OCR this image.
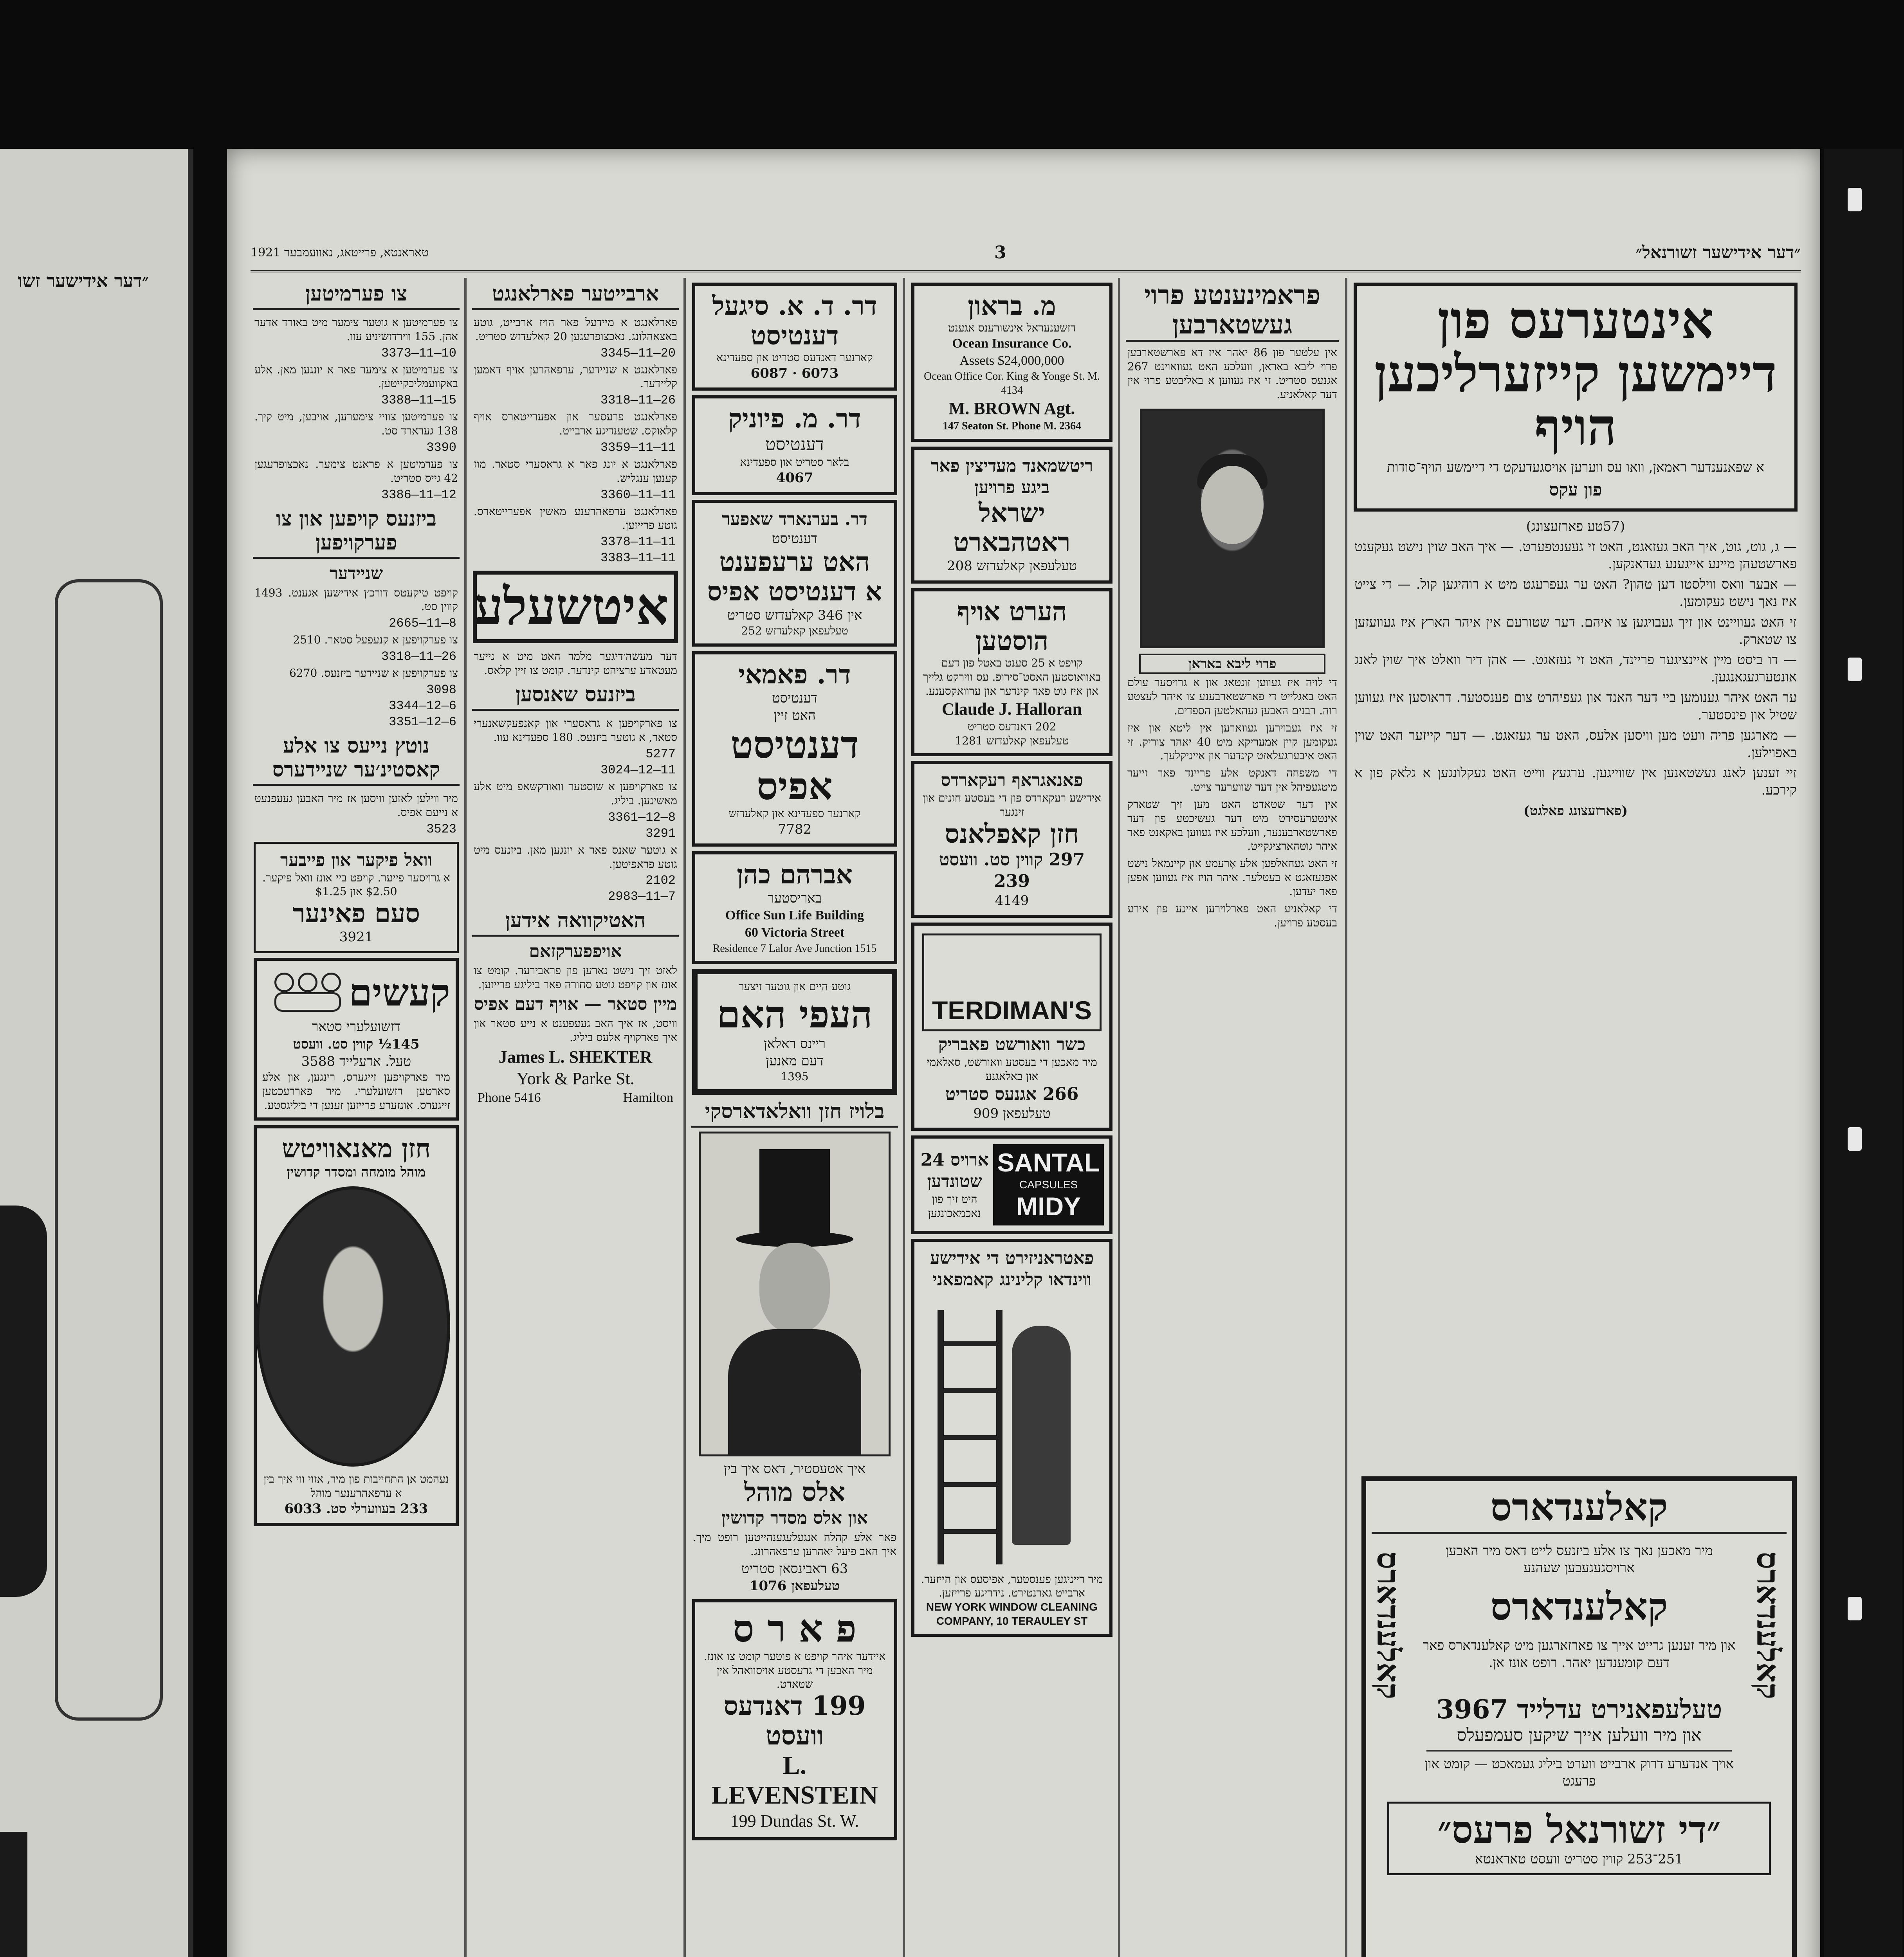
״דער אידישער זשו
״דער אידישער זשורנאל״
3
טאראנטא, פרייטאג, נאוועמבער 1921
אינטערעס פון דיימשען קייזערליכען הויף
א שפאנענדער ראמאן, וואו עס ווערען אויסגעדעקט די דיימשע הויף־סודות
פון עקס
(57טע פארזעצונג)
— ג, גוט, גוט, איך האב געזאגט, האט זי געענטפערט. — איך האב שוין נישט געקענט פארשטעהן מיינע אייגענע געדאנקען.
— אבער וואס ווילסטו דען טהון? האט ער געפרעגט מיט א רוהיגען קול. — די צייט איז נאך נישט געקומען.
זי האט געוויינט און זיך געבויגען צו איהם. דער שטורעם אין איהר הארץ איז געוועזען צו שטארק.
— דו ביסט מיין איינציגער פריינד, האט זי געזאגט. — אהן דיר וואלט איך שוין לאנג אונטערגעגאנגען.
ער האט איהר גענומען ביי דער האנד און געפיהרט צום פענסטער. דראוסען איז געווען שטיל און פינסטער.
— מארגען פריה וועט מען וויסען אלעס, האט ער געזאגט. — דער קייזער האט שוין באפוילען.
זיי זענען לאנג געשטאנען אין שווייגען. ערגעץ ווייט האט געקלונגען א גלאק פון א קירכע.
(פארזעצונג פאלגט)
קאלענדארס
קאלענדארס
קאלענדארס
מיר מאכען נאך צו אלע ביזנעס לייט דאס מיר האבען ארויסגעגעבען שעהנע
קאלענדארס
און מיר זענען גרייט אייך צו פארזארגען מיט קאלענדארס פאר דעם קומענדען יאהר. רופט אונז אן.
טעלעפאנירט עדלייד 3967
און מיר וועלען אייך שיקען סעמפעלס
אויך אנדערע דרוק ארבייט ווערט ביליג געמאכט — קומט און פרעגט
״די זשורנאל פרעס״
251־253 קווין סטריט וועסט טאראנטא
פראמינענטע פרוי געשטארבען
אין עלטער פון 86 יאהר איז דא פארשטארבען פרוי ליבא באראן, וועלכע האט געוואוינט 267 אגנעס סטריט. זי איז געווען א באליבטע פרוי אין דער קאלאניע.
פרוי ליבא באראן
די לויה איז געווען זונטאג און א גרויסער עולם האט באגלייט די פארשטארבענע צו איהר לעצטע רוה. רבנים האבען געהאלטען הספדים.
זי איז געבוירען געווארען אין ליטא און איז געקומען קיין אמעריקא מיט 40 יאהר צוריק. זי האט איבערגעלאזט קינדער און אייניקלעך.
די משפחה דאנקט אלע פריינד פאר זייער מיטגעפיהל אין דער שווערער צייט.
אין דער שטאדט האט מען זיך שטארק אינטערעסירט מיט דער געשיכטע פון דער פארשטארבענער, וועלכע איז געווען באקאנט פאר איהר גוטהארציגקייט.
זי האט געהאלפען אלע אָרעמע און קיינמאל נישט אפגעזאגט א בעטלער. איהר הויז איז געווען אפען פאר יעדען.
די קאלאניע האט פארלוירען איינע פון אירע בעסטע פרויען.
מ. בראון
דזשענעראל אינשורענס אגענט
Ocean Insurance Co.
Assets $24,000,000
Ocean Office Cor. King & Yonge St. M. 4134
M. BROWN Agt.
147 Seaton St. Phone M. 2364
ריטשמאנד מעדיצין פאר ביגע פרויען
ישראל ראטהבארט
טעלעפאן קאלעדזש 208
הערט אויף הוסטען
קויפט א 25 סענט באטל פון דעם באוואוסטען האסט־סירופ. עס ווירקט גלייך און איז גוט פאר קינדער און ערוואקסענע.
Claude J. Halloran
202 דאנדעס סטריט
טעלעפאן קאלעדזש 1281
פאנאגראף רעקארדס
אידישע רעקארדס פון די בעסטע חזנים און זינגער
חזן קאפלאנס
297 קווין סט. וועסט 239
4149
TERDIMAN'S
כשר וואורשט פאבריק
מיר מאכען די בעסטע וואורשט, סאלאמי און באלאגנע
266 אגנעס סטריט
טעלעפאן 909
SANTAL
CAPSULES
MIDY
ארויס 24 שטונדען
היט זיך פון נאכמאכונגען
פאטראניזירט די אידישע ווינדאו קלינינג קאמפאני
מיר רייניגען פענסטער, אפיסעס און הייזער. ארבייט גארנטירט. נידריגע פרייזען.
NEW YORK WINDOW CLEANING COMPANY, 10 TERAULEY ST
דר. ד. א. סיגעל
דענטיסט
קארנער דאנדעס סטריט און ספעדינא
6073 · 6087
דר. מ. פיוניק
דענטיסט
בלאר סטריט און ספעדינא
4067
דר. בערנארד שאפער
דענטיסט
האט ערעפענט
א דענטיסט אפיס
אין 346 קאלעדזש סטריט
טעלעפאן קאלעדזש 252
דר. פאמאי
דענטיסט
האט זיין
דענטיסט אפיס
קארנער ספעדינא און קאלעדזש
7782
אברהם כהן
באריסטער
Office Sun Life Building
60 Victoria Street
Residence 7 Lalor Ave Junction 1515
גוטע היים און גוטער זיצער
העפי האם
ריינס ראלאן
דעם מאנען
1395
בלויז חזן וואלאדארסקי
איך אטעסטיר, דאס איך בין
אלס מוהל
און אלס מסדר קדושין
פאר אלע קהלה אנגעלעגענהייטען רופט מיך. איך האב פיעל יאהרען ערפאהרונג.
63 ראבינסאן סטריט
טעלעפאן 1076
פ א ר ס
איידער איהר קויפט א פוטער קומט צו אונז. מיר האבען די גרעסטע אויסוואהל אין שטאדט.
199 דאנדעס וועסט
L. LEVENSTEIN
199 Dundas St. W.
ארבייטער פארלאנגט
פארלאנגט א מיידעל פאר הויז ארבייט, גוטע באצאהלונג. נאכצופרעגען 20 קאלעדזש סטריט.
3345—11—20
פארלאנגט א שניידער, ערפאהרען אויף דאמען קליידער.
3318—11—26
פארלאנגט פרעסער און אפערייטארס אויף קלאוקס. שטענדיגע ארבייט.
3359—11—11
פארלאנגט א יונג פאר א גראסערי סטאר. מוז קענען ענגליש.
3360—11—11
פארלאנגט ערפאהרענע מאשין אפערייטארס. גוטע פרייזען.
3378—11—11
3383—11—11
איטשעלע
דער מעשה׳דיגער מלמד האט מיט א נייער מעטאדע ערציהט קינדער. קומט צו זיין קלאס.
ביזנעס שאנסען
צו פארקויפען א גראסערי און קאנפעקשאנערי סטאר, א גוטער ביזנעס. 180 ספעדינא עוו.
5277
3024—12—11
צו פארקויפען א שוסטער וואורקשאפ מיט אלע מאשינען. ביליג.
3361—12—8
3291
א גוטער שאנס פאר א יונגען מאן. ביזנעס מיט גוטע פראפיטען.
2102
2983—11—7
האטיקוואה אידען
אויפפערקזאם
לאזט זיך נישט נארען פון פראבירער. קומט צו אונז און קויפט גוטע סחורה פאר ביליגע פרייזען.
מיין סטאר — אויף דעם אפיס
וויסט, אז איך האב געעפענט א נייע סטאר און איך פארקויף אלעס ביליג.
James L. SHEKTER
York & Parke St.
Phone 5416	Hamilton
צו פערמיטען
צו פערמיטען א גוטער צימער מיט באורד אדער אהן. 155 ווירדזשיניע עוו.
3373—11—10
צו פערמיטען א צימער פאר א יונגען מאן. אלע באקוועמליכקייטען.
3388—11—15
צו פערמיטען צוויי צימערען, אויבען, מיט קיך. 138 גערארד סט.
3390
צו פערמיטען א פראנט צימער. נאכצופרעגען 42 גייס סטריט.
3386—11—12
ביזנעס קויפען און צו פערקויפען
שניידער
קויפט טיקעטס דורכ׳ן אידישען אגענט. 1493 קווין סט.
2665—11—8
צו פערקויפען א קנעפעל סטאר. 2510
3318—11—26
צו פערקויפען א שניידער ביזנעס. 6270
3098
3344—12—6
3351—12—6
נוטץ נייעס צו אלע קאסטינ׳ער שניידערס
מיר ווילען לאזען וויסען אז מיר האבען געעפנעט א נייעם אפיס.
3523
וואל פיקער און פייבער
א גרויסער פייער. קויפט ביי אונז וואל פיקער. $2.50 און $1.25
סעם פאינער
3921
קעשים
דזשועלערי סטאר
145½ קווין סט. וועסט
טעל. אדעלייד 3588
מיר פארקויפען זייגערס, רינגען, און אלע סארטען דזשועלערי. מיר פאררעכטען זייגערס. אונזערע פרייזען זענען די ביליגסטע.
חזן מאנאוויטש
מוהל מומחה ומסדר קדושין
נעהמט אן התחייבות פון מיר, אזוי ווי איך בין א ערפאהרענער מוהל
233 בעווערלי סט. 6033
